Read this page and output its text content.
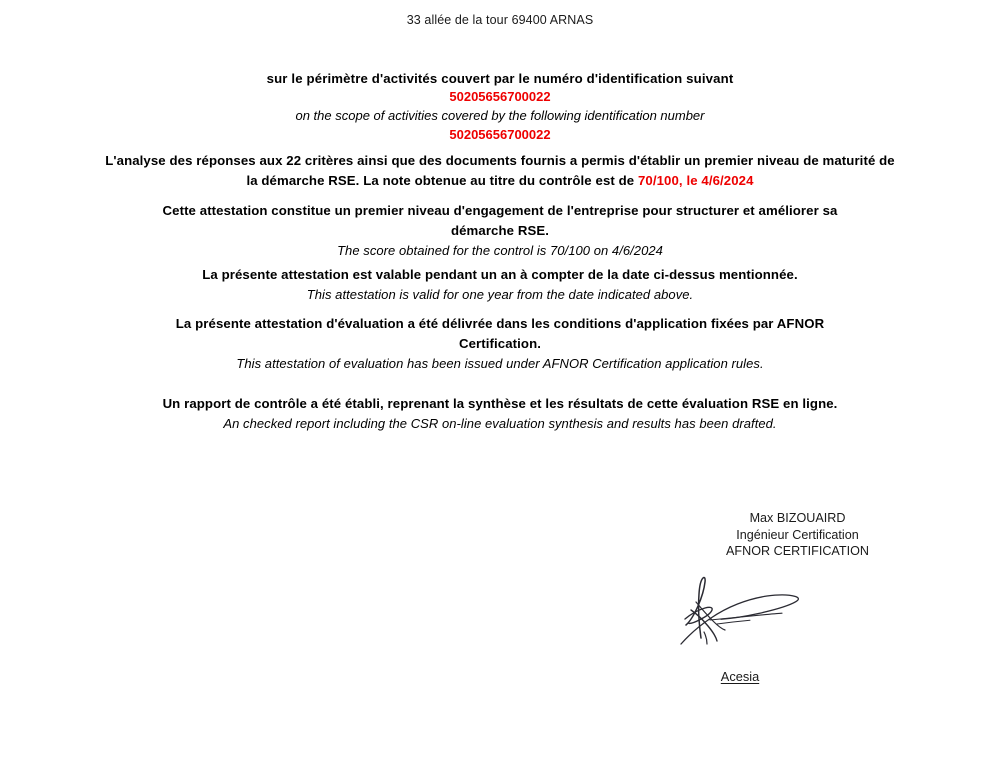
33 allée de la tour 69400 ARNAS
sur le périmètre d'activités couvert par le numéro d'identification suivant
50205656700022
on the scope of activities covered by the following identification number
50205656700022
L'analyse des réponses aux 22 critères ainsi que des documents fournis a permis d'établir un premier niveau de maturité de la démarche RSE. La note obtenue au titre du contrôle est de 70/100, le 4/6/2024
Cette attestation constitue un premier niveau d'engagement de l'entreprise pour structurer et améliorer sa démarche RSE.
The score obtained for the control is 70/100 on 4/6/2024
La présente attestation est valable pendant un an à compter de la date ci-dessus mentionnée.
This attestation is valid for one year from the date indicated above.
La présente attestation d'évaluation a été délivrée dans les conditions d'application fixées par AFNOR Certification.
This attestation of evaluation has been issued under AFNOR Certification application rules.
Un rapport de contrôle a été établi, reprenant la synthèse et les résultats de cette évaluation RSE en ligne.
An checked report including the CSR on-line evaluation synthesis and results has been drafted.
Max BIZOUAIRD
Ingénieur Certification
AFNOR CERTIFICATION
Acesia
